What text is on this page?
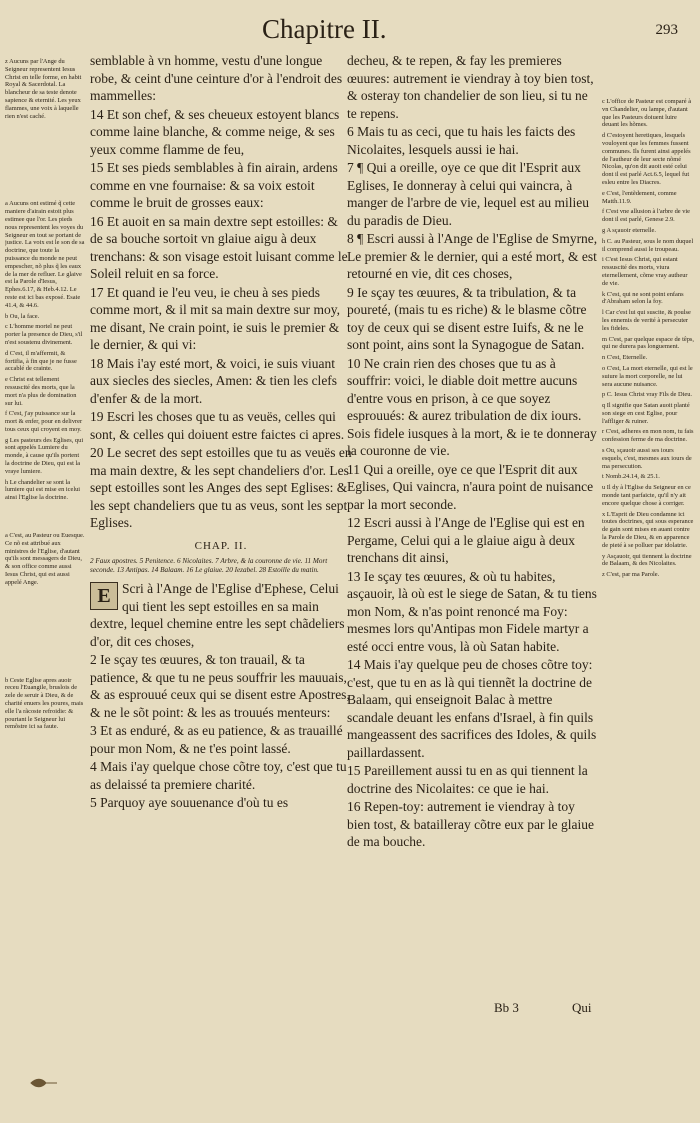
Chapitre II.	293

z Aucuns par l'Ange du Seigneur representent Iesus Christ en telle forme, en habit Royal & Sacerdotal. La blancheur de sa teste denote sapience & eternité. Les yeux flammes, une voix à laquelle rien n'est caché.

a Aucuns ont estimé q̃ cette maniere d'airain estoit plus estimee que l'or. Les pieds nous representent les voyes du Seigneur en tout se portant de justice. La voix est le son de sa doctrine, que toute la puissance du monde ne peut empescher, nõ plus q̃ les eaux de la mer de refluer. Le glaive est la Parole d'Iesus, Ephes.6.17, & Heb.4.12. Le reste est ici bas exposé. Esaie 41.4, & 44.6.

b Ou, la face.

c L'homme mortel ne peut porter la presence de Dieu, s'il n'est soustenu divinement.

d C'est, il m'affermit, & fortifia, à fin que je ne fusse accablé de crainte.

e Christ est tellement ressuscité des morts, que la mort n'a plus de domination sur lui.

f C'est, j'ay puissance sur la mort & enfer, pour en delivrer tous ceux qui croyent en moy.

g Les pasteurs des Eglises, qui sont appelés Lumiere du monde, à cause qu'ils portent la doctrine de Dieu, qui est la vraye lumiere.

h Le chandelier se sont la lumiere qui est mise en icelui ainsi l'Eglise la doctrine.

a C'est, au Pasteur ou Euesque. Ce nõ est attribué aux ministres de l'Eglise, d'autant qu'ils sont messagers de Dieu, & son office comme aussi Iesus Christ, qui est aussi appelé Ange.

b Ceste Eglise apres auoir receu l'Euangile, bruslois de zele de seruir à Dieu, & de charité enuers les poures, mais elle l'a rãcoste refroidie: & pourtant le Seigneur lui remõstre ici sa faute.

semblable à vn homme, vestu d'une longue robe, & ceint d'une ceinture d'or à l'endroit des mammelles:

14 Et son chef, & ses cheueux estoyent blancs comme laine blanche, & comme neige, & ses yeux comme flamme de feu,

15 Et ses pieds semblables à fin airain, ardens comme en vne fournaise: & sa voix estoit comme le bruit de grosses eaux:

16 Et auoit en sa main dextre sept estoilles: & de sa bouche sortoit vn glaiue aigu à deux trenchans: & son visage estoit luisant comme le Soleil reluit en sa force.

17 Et quand ie l'eu veu, ie cheu à ses pieds comme mort, & il mit sa main dextre sur moy, me disant, Ne crain point, ie suis le premier & le dernier, & qui vi:

18 Mais i'ay esté mort, & voici, ie suis viuant aux siecles des siecles, Amen: & tien les clefs d'enfer & de la mort.

19 Escri les choses que tu as veuës, celles qui sont, & celles qui doiuent estre faictes ci apres.

20 Le secret des sept estoilles que tu as veuës en ma main dextre, & les sept chandeliers d'or. Les sept estoilles sont les Anges des sept Eglises: & les sept chandeliers que tu as veus, sont les sept Eglises.

CHAP. II.
2 Faux apostres. 5 Penitence. 6 Nicolaites. 7 Arbre, & la couronne de vie. 11 Mort seconde. 13 Antipas. 14 Balaam. 16 Le glaiue. 20 Iezabel. 28 Estoille du matin.
E Scri à l'Ange de l'Eglise d'Ephese, Celui qui tient les sept estoilles en sa main dextre, lequel chemine entre les sept chãdeliers d'or, dit ces choses,

2 Ie sçay tes œuures, & ton trauail, & ta patience, & que tu ne peus souffrir les mauuais, & as esprouué ceux qui se disent estre Apostres, & ne le sõt point: & les as trouués menteurs:

3 Et as enduré, & as eu patience, & as trauaillé pour mon Nom, & ne t'es point lassé.

4 Mais i'ay quelque chose cõtre toy, c'est que tu as delaissé ta premiere charité.

5 Parquoy aye souuenance d'où tu es

decheu, & te repen, & fay les premieres œuures: autrement ie viendray à toy bien tost, & osteray ton chandelier de son lieu, si tu ne te repens.

6 Mais tu as ceci, que tu hais les faicts des Nicolaites, lesquels aussi ie hai.

7 ¶ Qui a oreille, oye ce que dit l'Esprit aux Eglises, Ie donneray à celui qui vaincra, à manger de l'arbre de vie, lequel est au milieu du paradis de Dieu.

8 ¶ Escri aussi à l'Ange de l'Eglise de Smyrne, Le premier & le dernier, qui a esté mort, & est retourné en vie, dit ces choses,

9 Ie sçay tes œuures, & ta tribulation, & ta poureté, (mais tu es riche) & le blasme cõtre toy de ceux qui se disent estre Iuifs, & ne le sont point, ains sont la Synagogue de Satan.

10 Ne crain rien des choses que tu as à souffrir: voici, le diable doit mettre aucuns d'entre vous en prison, à ce que soyez esprouués: & aurez tribulation de dix iours. Sois fidele iusques à la mort, & ie te donneray la couronne de vie.

11 Qui a oreille, oye ce que l'Esprit dit aux Eglises, Qui vaincra, n'aura point de nuisance par la mort seconde.

12 Escri aussi à l'Ange de l'Eglise qui est en Pergame, Celui qui a le glaiue aigu à deux trenchans dit ainsi,

13 Ie sçay tes œuures, & où tu habites, asçauoir, là où est le siege de Satan, & tu tiens mon Nom, & n'as point renoncé ma Foy: mesmes lors qu'Antipas mon Fidele martyr a esté occi entre vous, là où Satan habite.

14 Mais i'ay quelque peu de choses cõtre toy: c'est, que tu en as là qui tiennẽt la doctrine de Balaam, qui enseignoit Balac à mettre scandale deuant les enfans d'Israel, à fin quils mangeassent des sacrifices des Idoles, & quils paillardassent.

15 Pareillement aussi tu en as qui tiennent la doctrine des Nicolaites: ce que ie hai.

16 Repen-toy: autrement ie viendray à toy bien tost, & batailleray cõtre eux par le glaiue de ma bouche.

c L'office de Pasteur est comparé à vn Chandelier, ou lampe, d'autant que les Pasteurs doiuent luire deuant les hõmes.

d C'estoyent heretiques, lesquels vouloyent que les femmes fussent communes. Ils furent ainsi appelés de l'autheur de leur secte nõmé Nicolas, qu'on dit auoit esté celui dont il est parlé Act.6.5, lequel fut esleu entre les Diacres.

e C'est, l'entẽdement, comme Matth.11.9.

f C'est vne allusion à l'arbre de vie dont il est parlé, Genese 2.9.

g A sçauoir eternelle.

h C. au Pasteur, sous le nom duquel il comprend aussi le troupeau.

i C'est Iesus Christ, qui estant ressuscité des morts, viura eternellement, cõme vray autheur de vie.

k C'est, qui ne sont point enfans d'Abraham selon la foy.

l Car c'est lui qui suscite, & poulse les ennemis de verité à persecuter les fideles.

m C'est, par quelque espace de têps, qui ne durera pas longuement.

n C'est, Eternelle.

o C'est, La mort eternelle, qui est le suiure la mort corporelle, ne lui sera aucune nuisance.

p C. Iesus Christ vray Fils de Dieu.

q Il signifie que Satan auoit planté son siege en cest Eglise, pour l'affliger & ruiner.

r C'est, adheres en mon nom, tu fais confession ferme de ma doctrine.

s Ou, sçauoir aussi ses iours esquels, c'est, mesmes aux iours de ma persecution.

t Nomb.24.14, & 25.1.

u Il dy à l'Eglise du Seigneur en ce monde tant parfaicte, qu'il n'y ait encore quelque chose à corriger.

x L'Esprit de Dieu condamne ici toutes doctrines, qui sous esperance de gain sont mises en auant contre la Parole de Dieu, & en apparence de pieté à se polluer par idolatrie.

y Asçauoir, qui tiennent la doctrine de Balaam, & des Nicolaites.

z C'est, par ma Parole.

Bb 3	Qui
